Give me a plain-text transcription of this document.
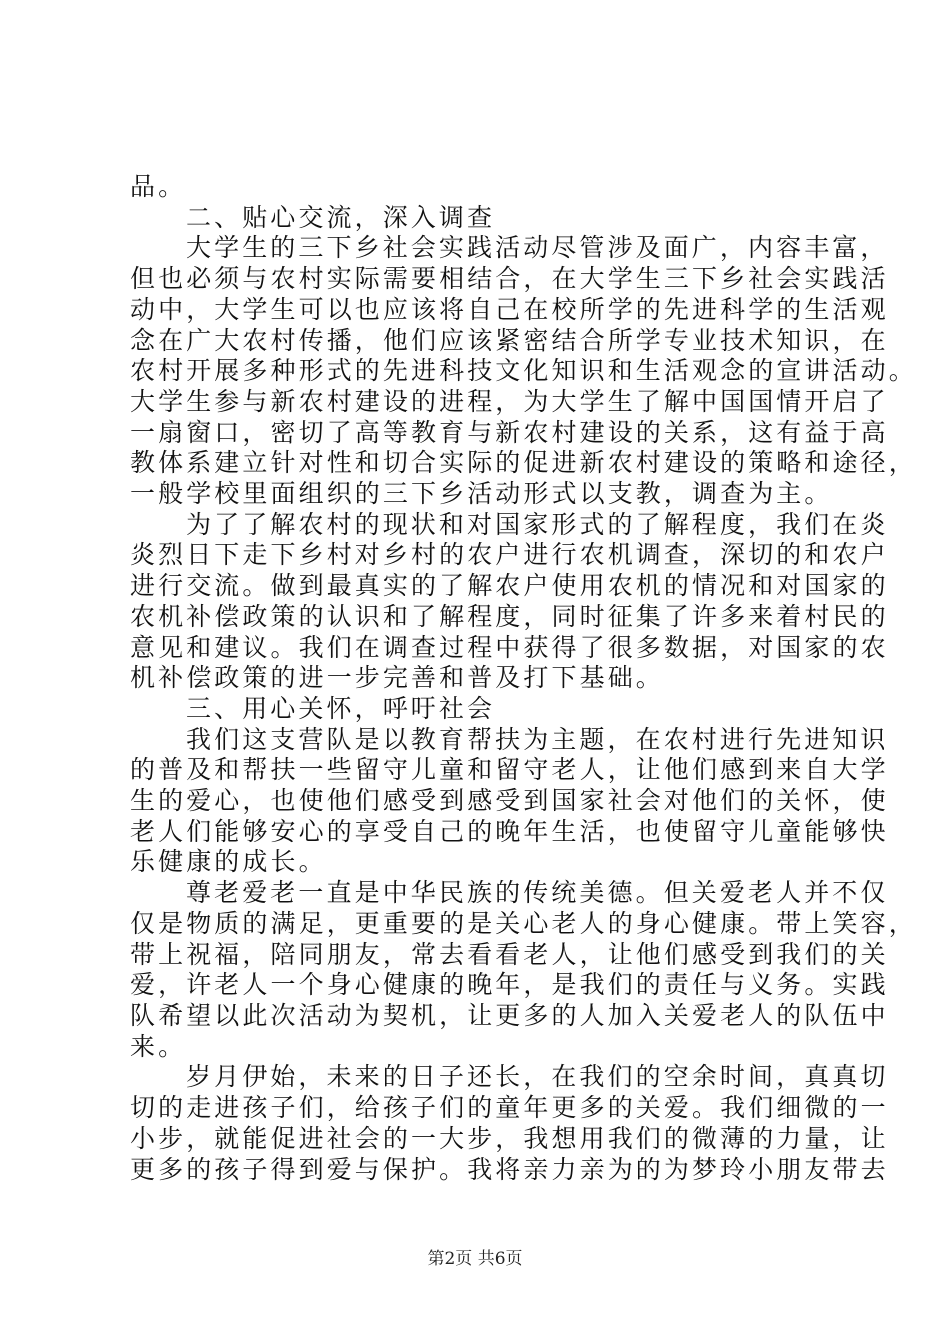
品。
二、贴心交流，深入调查
大学生的三下乡社会实践活动尽管涉及面广，内容丰富，
但也必须与农村实际需要相结合，在大学生三下乡社会实践活
动中，大学生可以也应该将自己在校所学的先进科学的生活观
念在广大农村传播，他们应该紧密结合所学专业技术知识，在
农村开展多种形式的先进科技文化知识和生活观念的宣讲活动。
大学生参与新农村建设的进程，为大学生了解中国国情开启了
一扇窗口，密切了高等教育与新农村建设的关系，这有益于高
教体系建立针对性和切合实际的促进新农村建设的策略和途径，
一般学校里面组织的三下乡活动形式以支教，调查为主。
为了了解农村的现状和对国家形式的了解程度，我们在炎
炎烈日下走下乡村对乡村的农户进行农机调查，深切的和农户
进行交流。做到最真实的了解农户使用农机的情况和对国家的
农机补偿政策的认识和了解程度，同时征集了许多来着村民的
意见和建议。我们在调查过程中获得了很多数据，对国家的农
机补偿政策的进一步完善和普及打下基础。
三、用心关怀，呼吁社会
我们这支营队是以教育帮扶为主题，在农村进行先进知识
的普及和帮扶一些留守儿童和留守老人，让他们感到来自大学
生的爱心，也使他们感受到感受到国家社会对他们的关怀，使
老人们能够安心的享受自己的晚年生活，也使留守儿童能够快
乐健康的成长。
尊老爱老一直是中华民族的传统美德。但关爱老人并不仅
仅是物质的满足，更重要的是关心老人的身心健康。带上笑容，
带上祝福，陪同朋友，常去看看老人，让他们感受到我们的关
爱，许老人一个身心健康的晚年，是我们的责任与义务。实践
队希望以此次活动为契机，让更多的人加入关爱老人的队伍中
来。
岁月伊始，未来的日子还长，在我们的空余时间，真真切
切的走进孩子们，给孩子们的童年更多的关爱。我们细微的一
小步，就能促进社会的一大步，我想用我们的微薄的力量，让
更多的孩子得到爱与保护。我将亲力亲为的为梦玲小朋友带去
第2页 共6页
